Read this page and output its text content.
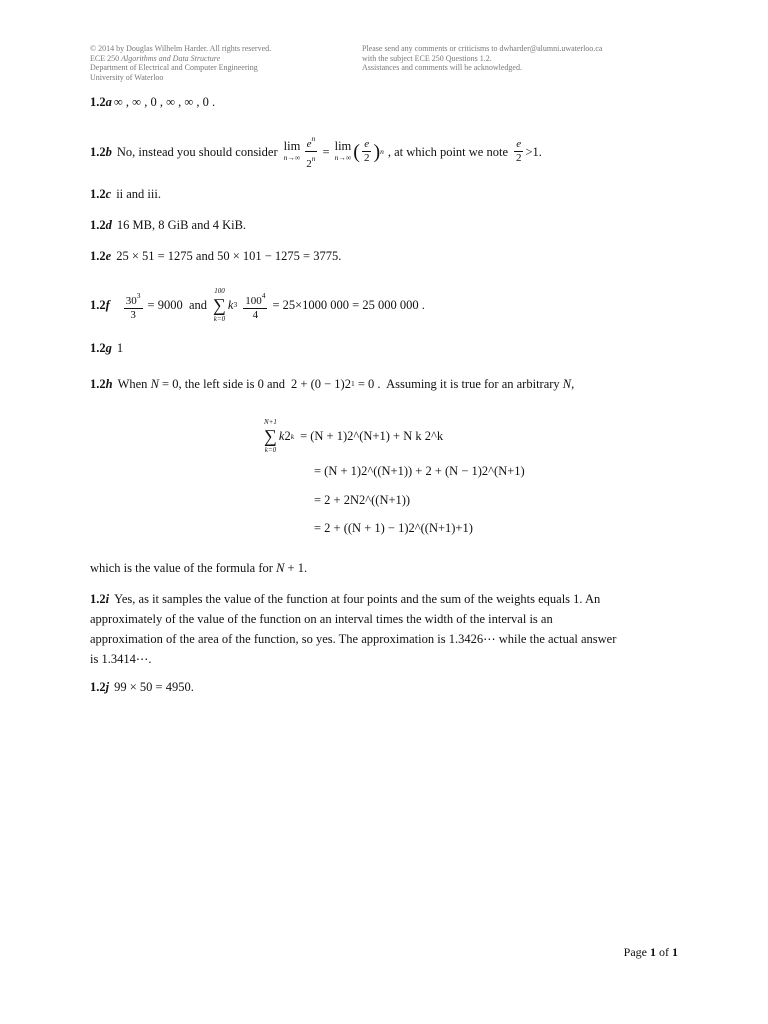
© 2014 by Douglas Wilhelm Harder. All rights reserved.
ECE 250 Algorithms and Data Structure
Department of Electrical and Computer Engineering
University of Waterloo
Please send any comments or criticisms to dwharder@alumni.uwaterloo.ca
with the subject ECE 250 Questions 1.2.
Assistances and comments will be acknowledged.
1.2a ∞ , ∞ , 0 , ∞ , ∞ , 0 .
1.2b No, instead you should consider lim
$n\to\infty \frac{e^n}{2^n} = \lim$
n→∞ ( $\frac{e}{2}$ ) n , at which point we note $\frac{e}{2} >1$.
1.2c ii and iii.
1.2d 16 MB, 8 GiB and 4 KiB.
1.2e 25 × 51 = 1275 and 50 × 101 − 1275 = 3775.
$1.2f \frac{30^3}{3} = 9000$  and
100
∑
k=0
k $3 \frac{100^4}{4} = 25\times 1000$ 000 = 25 000 000 .
1.2g 1
1.2h When N = 0, the left side is 0 and 2 + (0 − 1)2 1 = 0 . Assuming it is true for an arbitrary N ,
N+1
∑
k=0
k 2 k = (N + 1)2^(N+1) + N k 2^k
= (N + 1)2^((N+1)) + 2 + (N − 1)2^(N+1)
= 2 + 2N2^((N+1))
= 2 + ((N + 1) − 1)2^((N+1)+1)
which is the value of the formula for N + 1.
1.2i Yes, as it samples the value of the function at four points and the sum of the weights equals 1. An
approximately of the value of the function on an interval times the width of the interval is an
approximation of the area of the function, so yes. The approximation is 1.3426⋯ while the actual answer
is 1.3414⋯.
1.2j 99 × 50 = 4950.
Page 1 of 1
